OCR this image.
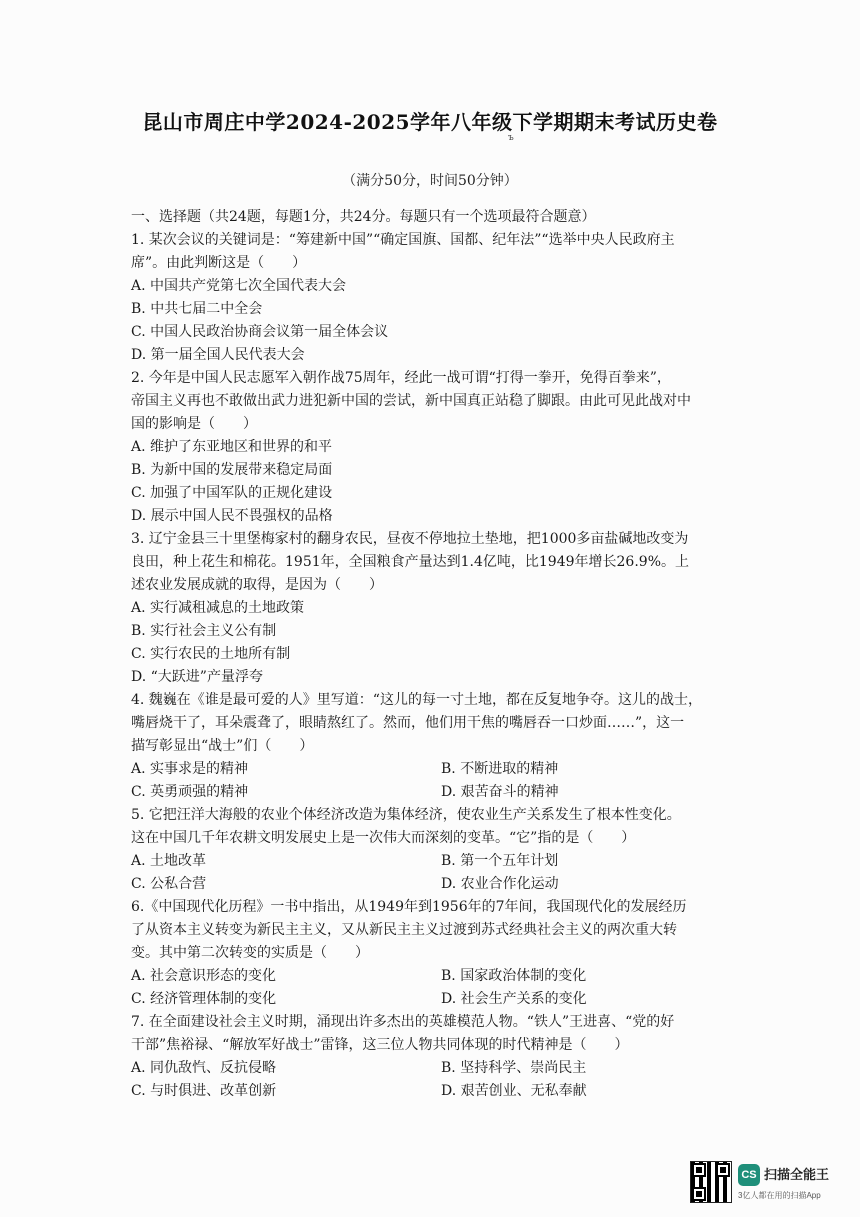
昆山市周庄中学2024-2025学年八年级下学期期末考试历史卷
ъ
（满分50分，时间50分钟）
一、选择题（共24题，每题1分，共24分。每题只有一个选项最符合题意）
1. 某次会议的关键词是：“筹建新中国”“确定国旗、国都、纪年法”“选举中央人民政府主
席”。由此判断这是（　　）
A. 中国共产党第七次全国代表大会
B. 中共七届二中全会
C. 中国人民政治协商会议第一届全体会议
D. 第一届全国人民代表大会
2. 今年是中国人民志愿军入朝作战75周年，经此一战可谓“打得一拳开，免得百拳来”，
帝国主义再也不敢做出武力进犯新中国的尝试，新中国真正站稳了脚跟。由此可见此战对中
国的影响是（　　）
A. 维护了东亚地区和世界的和平
B. 为新中国的发展带来稳定局面
C. 加强了中国军队的正规化建设
D. 展示中国人民不畏强权的品格
3. 辽宁金县三十里堡梅家村的翻身农民，昼夜不停地拉土垫地，把1000多亩盐碱地改变为
良田，种上花生和棉花。1951年，全国粮食产量达到1.4亿吨，比1949年增长26.9%。上
述农业发展成就的取得，是因为（　　）
A. 实行减租减息的土地政策
B. 实行社会主义公有制
C. 实行农民的土地所有制
D. “大跃进”产量浮夸
4. 魏巍在《谁是最可爱的人》里写道：“这儿的每一寸土地，都在反复地争夺。这儿的战士，
嘴唇烧干了，耳朵震聋了，眼睛熬红了。然而，他们用干焦的嘴唇吞一口炒面……”，这一
描写彰显出“战士”们（　　）
A. 实事求是的精神	B. 不断进取的精神
C. 英勇顽强的精神	D. 艰苦奋斗的精神
5. 它把汪洋大海般的农业个体经济改造为集体经济，使农业生产关系发生了根本性变化。
这在中国几千年农耕文明发展史上是一次伟大而深刻的变革。“它”指的是（　　）
A. 土地改革	B. 第一个五年计划
C. 公私合营	D. 农业合作化运动
6.《中国现代化历程》一书中指出，从1949年到1956年的7年间，我国现代化的发展经历
了从资本主义转变为新民主主义，又从新民主主义过渡到苏式经典社会主义的两次重大转
变。其中第二次转变的实质是（　　）
A. 社会意识形态的变化	B. 国家政治体制的变化
C. 经济管理体制的变化	D. 社会生产关系的变化
7. 在全面建设社会主义时期，涌现出许多杰出的英雄模范人物。“铁人”王进喜、“党的好
干部”焦裕禄、“解放军好战士”雷锋，这三位人物共同体现的时代精神是（　　）
A. 同仇敌忾、反抗侵略	B. 坚持科学、崇尚民主
C. 与时俱进、改革创新	D. 艰苦创业、无私奉献
CS 扫描全能王
3亿人都在用的扫描App
